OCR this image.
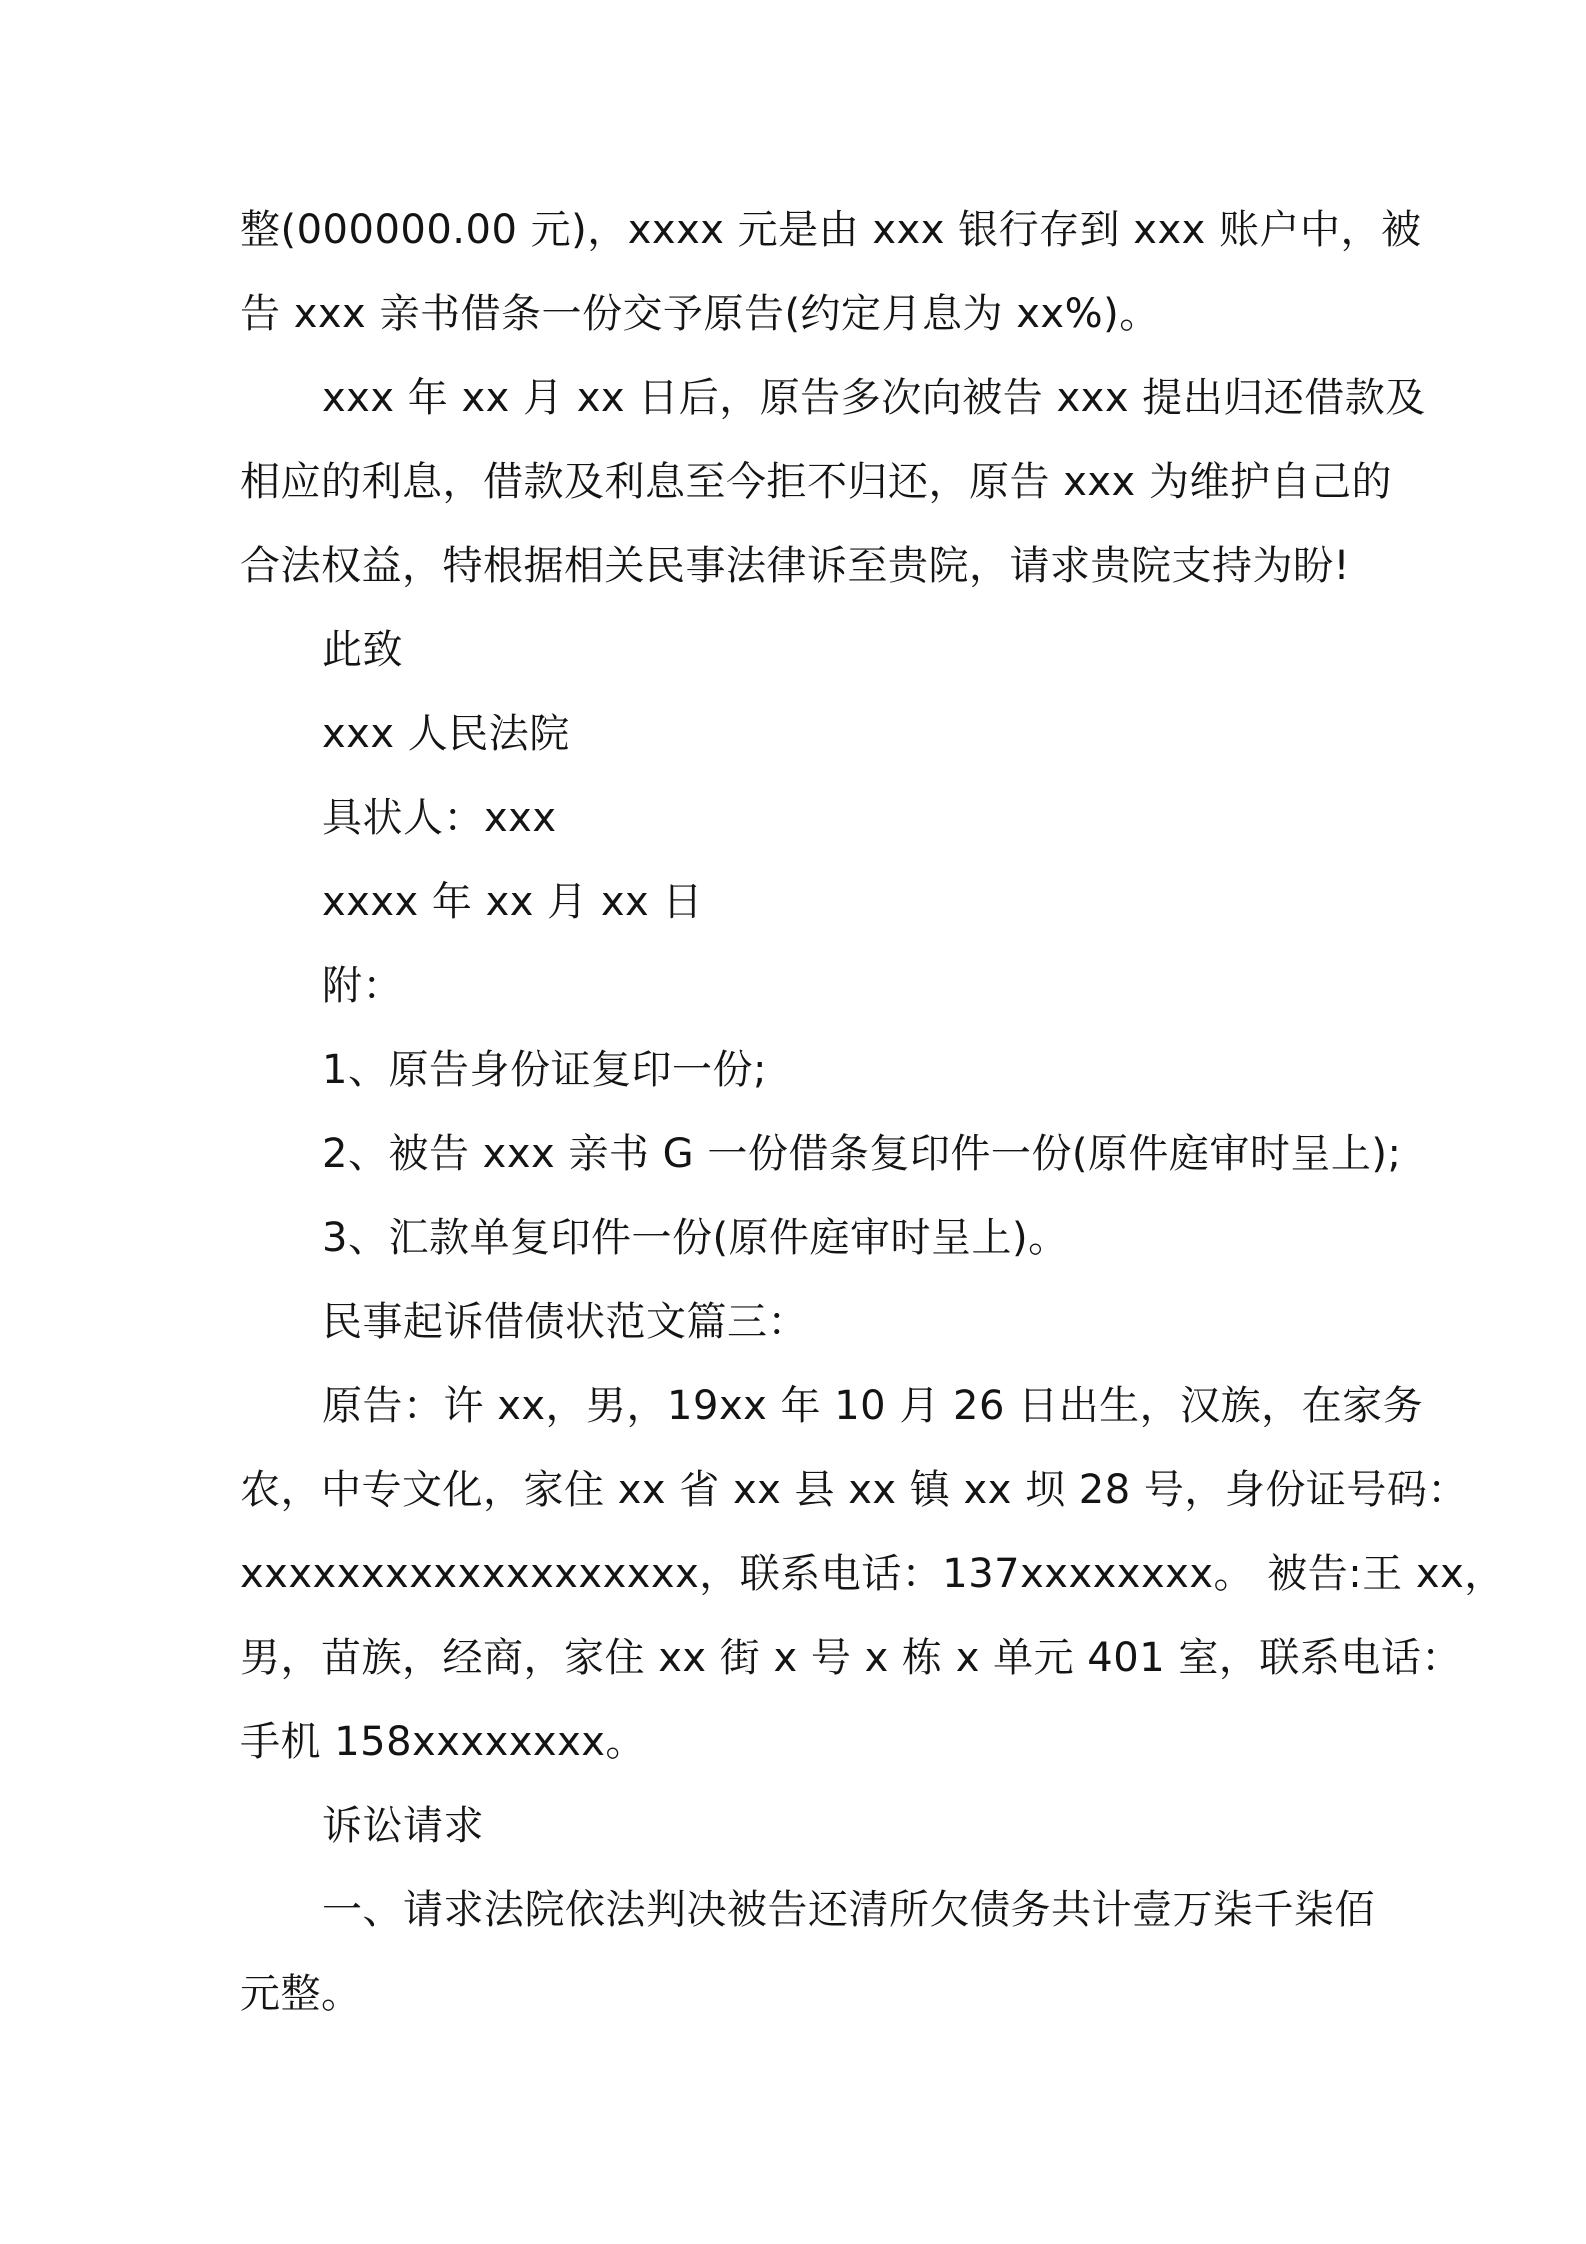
整(000000.00 元)，xxxx 元是由 xxx 银行存到 xxx 账户中，被
告 xxx 亲书借条一份交予原告(约定月息为 xx%)。
xxx 年 xx 月 xx 日后，原告多次向被告 xxx 提出归还借款及
相应的利息，借款及利息至今拒不归还，原告 xxx 为维护自己的
合法权益，特根据相关民事法律诉至贵院，请求贵院支持为盼!
此致
xxx 人民法院
具状人：xxx
xxxx 年 xx 月 xx 日
附：
1、原告身份证复印一份;
2、被告 xxx 亲书 G 一份借条复印件一份(原件庭审时呈上);
3、汇款单复印件一份(原件庭审时呈上)。
民事起诉借债状范文篇三：
原告：许 xx，男，19xx 年 10 月 26 日出生，汉族，在家务
农，中专文化，家住 xx 省 xx 县 xx 镇 xx 坝 28 号，身份证号码：
xxxxxxxxxxxxxxxxxxx，联系电话：137xxxxxxxx。 被告:王 xx，
男，苗族，经商，家住 xx 街 x 号 x 栋 x 单元 401 室，联系电话：
手机 158xxxxxxxx。
诉讼请求
一、请求法院依法判决被告还清所欠债务共计壹万柒千柒佰
元整。
